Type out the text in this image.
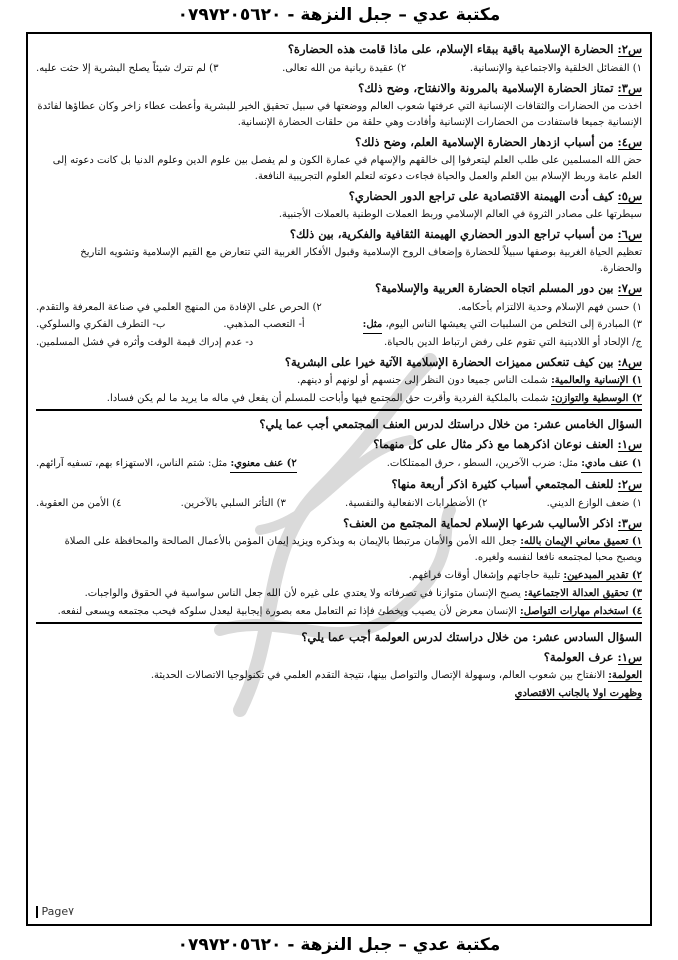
مكتبة عدي – جبل النزهة - ٠٧٩٧٢٠٥٦٢٠
س٢: الحضارة الإسلامية باقية ببقاء الإسلام، على ماذا قامت هذه الحضارة؟
١) الفضائل الخلقية والاجتماعية والإنسانية.
٢) عقيدة ربانية من الله تعالى.
٣) لم تترك شيئاً يصلح البشرية إلا حثت عليه.
س٣: تمتاز الحضارة الإسلامية بالمرونة والانفتاح، وضح ذلك؟
اخذت من الحضارات والثقافات الإنسانية التي عرفتها شعوب العالم ووضعتها في سبيل تحقيق الخير للبشرية وأعطت عطاء زاخر وكان عطاؤها لفائدة الإنسانية جميعا فاستفادت من الحضارات الإنسانية وأفادت وهي حلقة من حلقات الحضارة الإنسانية.
س٤: من أسباب ازدهار الحضارة الإسلامية العلم، وضح ذلك؟
حض الله المسلمين على طلب العلم ليتعرفوا إلى خالقهم والإسهام في عمارة الكون و لم يفصل بين علوم الدين وعلوم الدنيا بل كانت دعوته إلى العلم عامة وربط الإسلام بين العلم والعمل والحياة فجاءت دعوته لتعلم العلوم التجريبية النافعة.
س٥: كيف أدت الهيمنة الاقتصادية على تراجع الدور الحضاري؟
سيطرتها على مصادر الثروة في العالم الإسلامي وربط العملات الوطنية بالعملات الأجنبية.
س٦: من أسباب تراجع الدور الحضاري الهيمنة الثقافية والفكرية، بين ذلك؟
تعظيم الحياة الغربية بوصفها سبيلاً للحضارة وإضعاف الروح الإسلامية وقبول الأفكار الغربية التي تتعارض مع القيم الإسلامية وتشويه التاريخ والحضارة.
س٧: بين دور المسلم اتجاه الحضارة العربية والإسلامية؟
١) حسن فهم الإسلام وحدية الالتزام بأحكامه.
٢) الحرص على الإفادة من المنهج العلمي في صناعة المعرفة والتقدم.
٣) المبادرة إلى التخلص من السلبيات التي يعيشها الناس اليوم، مثل:
أ- التعصب المذهبي.
ب- التطرف الفكري والسلوكي.
ج/ الإلحاد أو اللادينية التي تقوم على رفض ارتباط الدين بالحياة.
د- عدم إدراك قيمة الوقت وأثره في فشل المسلمين.
س٨: بين كيف تنعكس مميزات الحضارة الإسلامية الآتية خيرا على البشرية؟
١) الإنسانية والعالمية: شملت الناس جميعا دون النظر إلى جنسهم أو لونهم أو دينهم.
٢) الوسطية والتوازن: شملت بالملكية الفردية وأقرت حق المجتمع فيها وأباحت للمسلم أن يفعل في ماله ما يريد ما لم يكن فسادا.
السؤال الخامس عشر: من خلال دراستك لدرس العنف المجتمعي أجب عما يلي؟
س١: العنف نوعان اذكرهما مع ذكر مثال على كل منهما؟
١) عنف مادي: مثل: ضرب الآخرين، السطو ، حرق الممتلكات.
٢) عنف معنوي: مثل: شتم الناس، الاستهزاء بهم، تسفيه آرائهم.
س٢: للعنف المجتمعي أسباب كثيرة اذكر أربعة منها؟
١) ضعف الوازع الديني.
٢) الأضطرابات الانفعالية والنفسية.
٣) التأثر السلبي بالآخرين.
٤) الأمن من العقوبة.
س٣: اذكر الأساليب شرعها الإسلام لحماية المجتمع من العنف؟
١) تعميق معاني الإيمان بالله: جعل الله الأمن والأمان مرتبطا بالإيمان به وبذكره ويزيد إيمان المؤمن بالأعمال الصالحة والمحافظة على الصلاة ويصبح محبا لمجتمعه نافعا لنفسه ولغيره.
٢) تقدير المبدعين: تلبية حاجاتهم وإشغال أوقات فراغهم.
٣) تحقيق العدالة الاجتماعية: يصبح الإنسان متوازنا في تصرفاته ولا يعتدي على غيره لأن الله جعل الناس سواسية في الحقوق والواجبات.
٤) استخدام مهارات التواصل: الإنسان معرض لأن يصيب ويخطئ فإذا تم التعامل معه بصورة إيجابية ليعدل سلوكه فيحب مجتمعه ويسعى لنفعه.
السؤال السادس عشر: من خلال دراستك لدرس العولمة أجب عما يلي؟
س١: عرف العولمة؟
العولمة: الانفتاح بين شعوب العالم، وسهولة الإتصال والتواصل بينها، نتيجة التقدم العلمي في تكنولوجيا الاتصالات الحديثة.
وظهرت اولا بالجانب الاقتصادي
Page٧
مكتبة عدي – جبل النزهة - ٠٧٩٧٢٠٥٦٢٠
